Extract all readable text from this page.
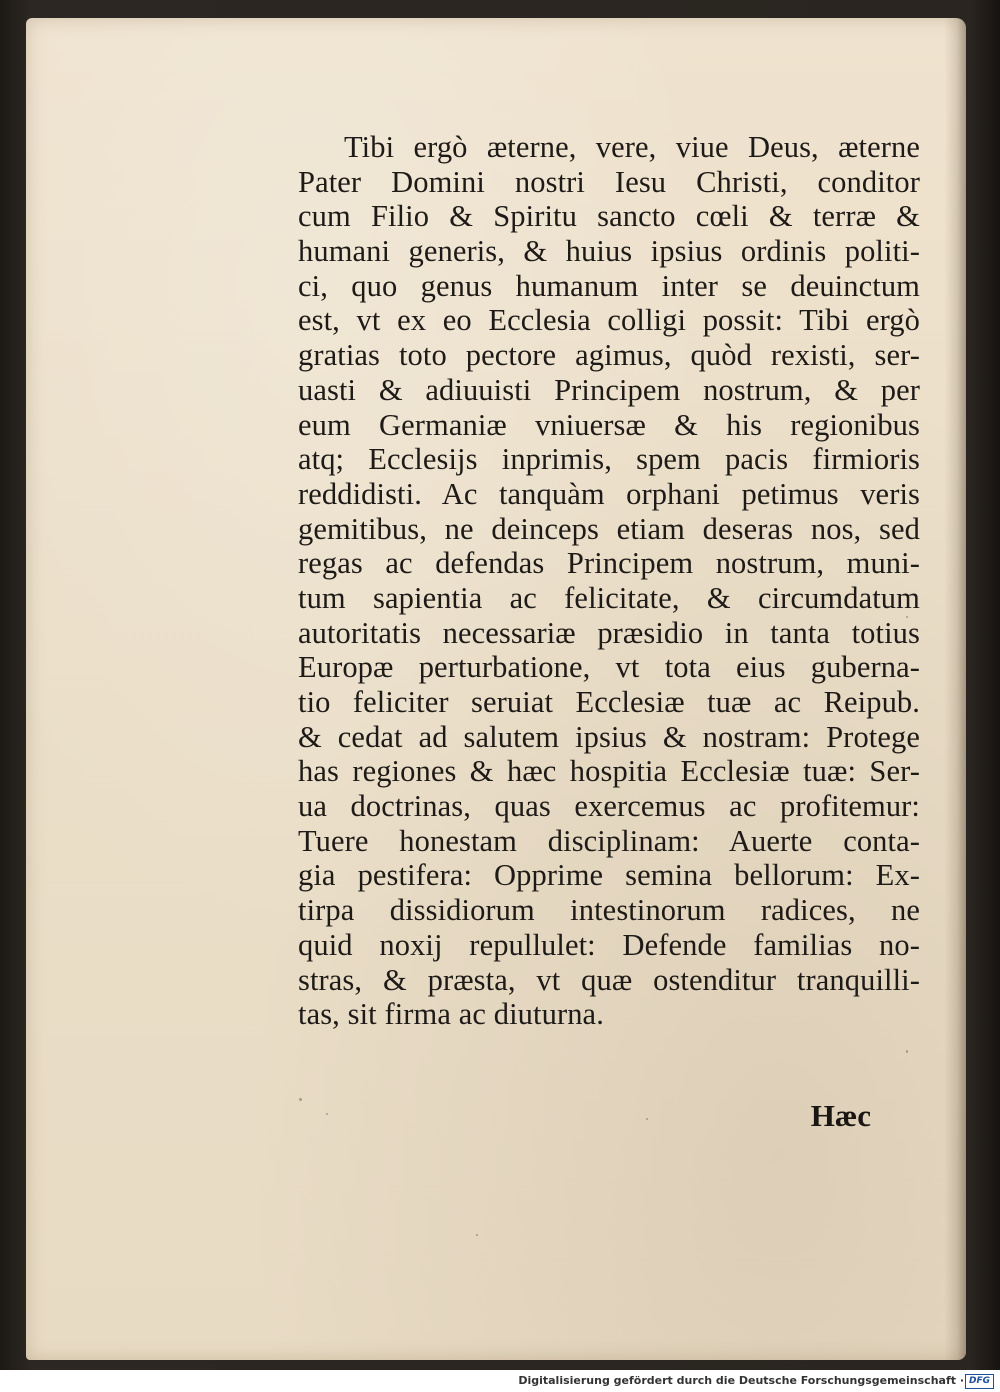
Tibi ergò æterne, vere, viue Deus, æterne
Pater Domini nostri Iesu Christi, conditor
cum Filio & Spiritu sancto cœli & terræ &
humani generis, & huius ipsius ordinis politi-
ci, quo genus humanum inter se deuinctum
est, vt ex eo Ecclesia colligi possit: Tibi ergò
gratias toto pectore agimus, quòd rexisti, ser-
uasti & adiuuisti Principem nostrum, & per
eum Germaniæ vniuersæ & his regionibus
atq; Ecclesijs inprimis, spem pacis firmioris
reddidisti. Ac tanquàm orphani petimus veris
gemitibus, ne deinceps etiam deseras nos, sed
regas ac defendas Principem nostrum, muni-
tum sapientia ac felicitate, & circumdatum
autoritatis necessariæ præsidio in tanta totius
Europæ perturbatione, vt tota eius guberna-
tio feliciter seruiat Ecclesiæ tuæ ac Reipub.
& cedat ad salutem ipsius & nostram: Protege
has regiones & hæc hospitia Ecclesiæ tuæ: Ser-
ua doctrinas, quas exercemus ac profitemur:
Tuere honestam disciplinam: Auerte conta-
gia pestifera: Opprime semina bellorum: Ex-
tirpa dissidiorum intestinorum radices, ne
quid noxij repullulet: Defende familias no-
stras, & præsta, vt quæ ostenditur tranquilli-
tas, sit firma ac diuturna.
Hæc
Digitalisierung gefördert durch die Deutsche Forschungsgemeinschaft · DFG
